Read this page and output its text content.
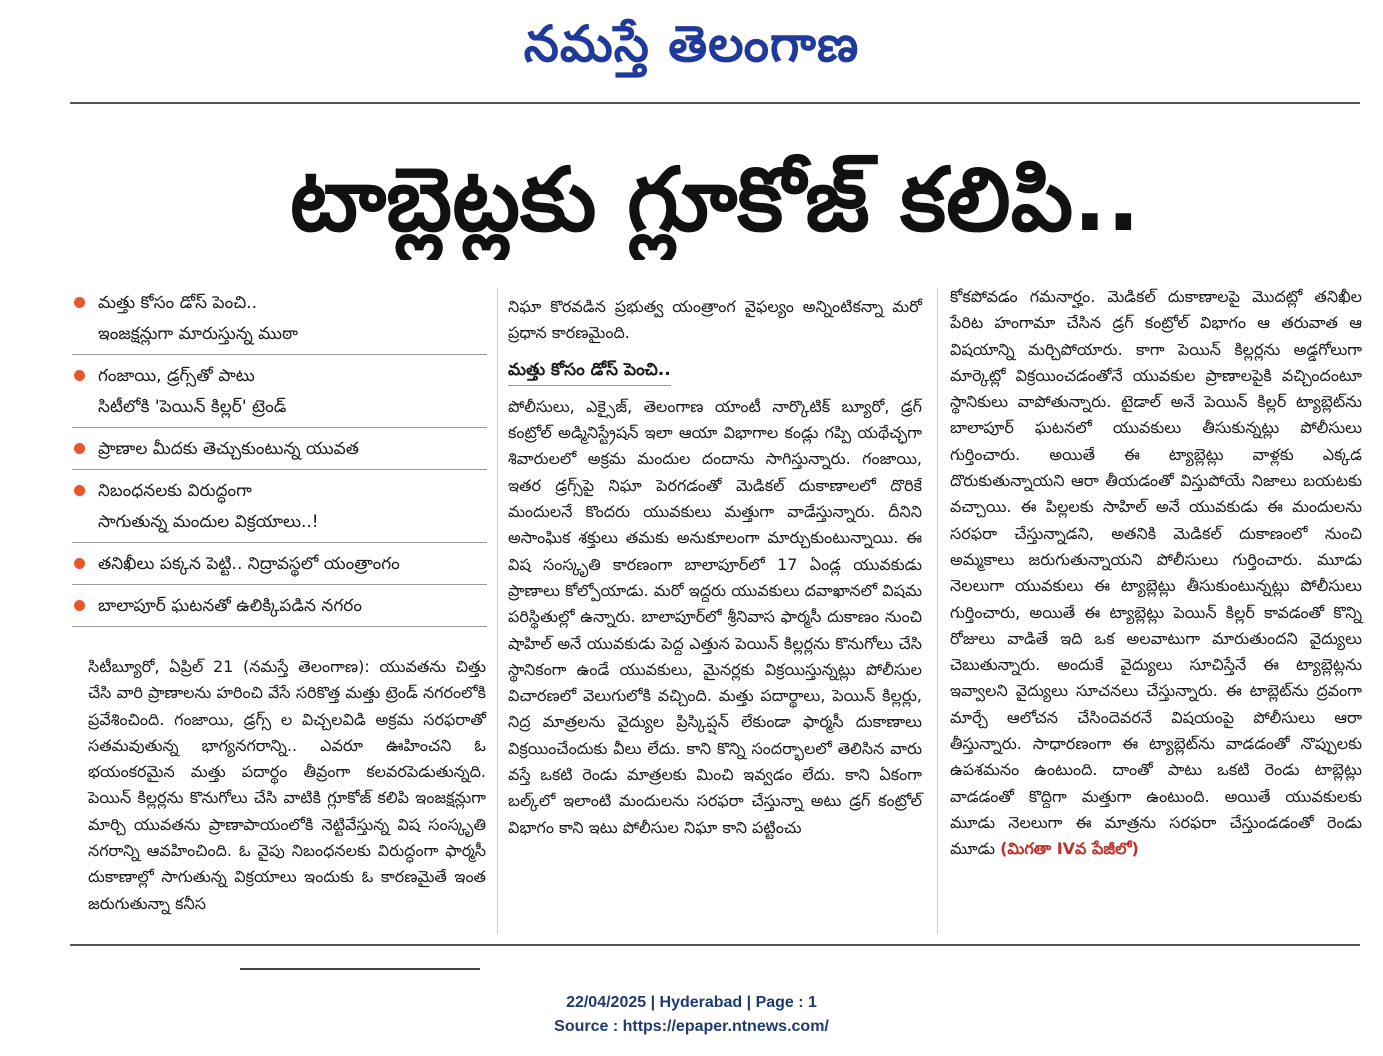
నమస్తే తెలంగాణ
టాబ్లెట్లకు గ్లూకోజ్ కలిపి..
మత్తు కోసం డోస్ పెంచి..
ఇంజక్షన్లుగా మారుస్తున్న ముఠా
గంజాయి, డ్రగ్స్‌తో పాటు
సిటీలోకి 'పెయిన్ కిల్లర్' ట్రెండ్
ప్రాణాల మీదకు తెచ్చుకుంటున్న యువత
నిబంధనలకు విరుద్ధంగా
సాగుతున్న మందుల విక్రయాలు..!
తనిఖీలు పక్కన పెట్టి.. నిద్రావస్థలో యంత్రాంగం
బాలాపూర్ ఘటనతో ఉలిక్కిపడిన నగరం

సిటీబ్యూరో, ఏప్రిల్ 21 (నమస్తే తెలంగాణ): యువతను చిత్తు చేసి వారి ప్రాణాలను హరించి వేసే సరికొత్త మత్తు ట్రెండ్ నగరంలోకి ప్రవేశించింది. గంజాయి, డ్రగ్స్ ల విచ్చలవిడి అక్రమ సరఫరాతో సతమవుతున్న భాగ్యనగరాన్ని.. ఎవరూ ఊహించని ఓ భయంకరమైన మత్తు పదార్థం తీవ్రంగా కలవరపెడుతున్నది. పెయిన్ కిల్లర్లను కొనుగోలు చేసి వాటికి గ్లూకోజ్ కలిపి ఇంజక్షన్లుగా మార్చి యువతను ప్రాణాపాయంలోకి నెట్టివేస్తున్న విష సంస్కృతి నగరాన్ని ఆవహించింది. ఓ వైపు నిబంధనలకు విరుద్ధంగా ఫార్మసీ దుకాణాల్లో సాగుతున్న విక్రయాలు ఇందుకు ఓ కారణమైతే ఇంత జరుగుతున్నా కనీస

నిఘా కొరవడిన ప్రభుత్వ యంత్రాంగ వైఫల్యం అన్నింటికన్నా మరో ప్రధాన కారణమైంది.

మత్తు కోసం డోస్ పెంచి..

పోలీసులు, ఎక్సైజ్, తెలంగాణ యాంటీ నార్కొటిక్ బ్యూరో, డ్రగ్ కంట్రోల్ అడ్మినిస్ట్రేషన్ ఇలా ఆయా విభాగాల కండ్లు గప్పి యథేచ్ఛగా శివారులలో అక్రమ మందుల దందాను సాగిస్తున్నారు. గంజాయి, ఇతర డ్రగ్స్‌పై నిఘా పెరగడంతో మెడికల్ దుకాణాలలో దొరికే మందులనే కొందరు యువకులు మత్తుగా వాడేస్తున్నారు. దీనిని అసాంఘిక శక్తులు తమకు అనుకూలంగా మార్చుకుంటున్నాయి. ఈ విష సంస్కృతి కారణంగా బాలాపూర్‌లో 17 ఏండ్ల యువకుడు ప్రాణాలు కోల్పోయాడు. మరో ఇద్దరు యువకులు దవాఖానలో విషమ పరిస్థితుల్లో ఉన్నారు. బాలాపూర్‌లో శ్రీనివాస ఫార్మసీ దుకాణం నుంచి షాహిల్ అనే యువకుడు పెద్ద ఎత్తున పెయిన్ కిల్లర్లను కొనుగోలు చేసి స్థానికంగా ఉండే యువకులు, మైనర్లకు విక్రయిస్తున్నట్లు పోలీసుల విచారణలో వెలుగులోకి వచ్చింది. మత్తు పదార్థాలు, పెయిన్ కిల్లర్లు, నిద్ర మాత్రలను వైద్యుల ప్రిస్కిప్షన్ లేకుండా ఫార్మసీ దుకాణాలు విక్రయించేందుకు వీలు లేదు. కాని కొన్ని సందర్భాలలో తెలిసిన వారు వస్తే ఒకటి రెండు మాత్రలకు మించి ఇవ్వడం లేదు. కాని ఏకంగా బల్క్‌లో ఇలాంటి మందులను సరఫరా చేస్తున్నా అటు డ్రగ్ కంట్రోల్ విభాగం కాని ఇటు పోలీసుల నిఘా కాని పట్టించు

కోకపోవడం గమనార్హం. మెడికల్ దుకాణాలపై మొదట్లో తనిఖీల పేరిట హంగామా చేసిన డ్రగ్ కంట్రోల్ విభాగం ఆ తరువాత ఆ విషయాన్ని మర్చిపోయారు. కాగా పెయిన్ కిల్లర్లను అడ్డగోలుగా మార్కెట్లో విక్రయించడంతోనే యువకుల ప్రాణాలపైకి వచ్చిందంటూ స్థానికులు వాపోతున్నారు. టైడాల్ అనే పెయిన్ కిల్లర్ ట్యాబ్లెట్‌ను బాలాపూర్ ఘటనలో యువకులు తీసుకున్నట్లు పోలీసులు గుర్తించారు. అయితే ఈ ట్యాబ్లెట్లు వాళ్లకు ఎక్కడ దొరుకుతున్నాయని ఆరా తీయడంతో విస్తుపోయే నిజాలు బయటకు వచ్చాయి. ఈ పిల్లలకు సాహిల్ అనే యువకుడు ఈ మందులను సరఫరా చేస్తున్నాడని, అతనికి మెడికల్ దుకాణంలో నుంచి అమ్మకాలు జరుగుతున్నాయని పోలీసులు గుర్తించారు. మూడు నెలలుగా యువకులు ఈ ట్యాబ్లెట్లు తీసుకుంటున్నట్లు పోలీసులు గుర్తించారు, అయితే ఈ ట్యాబ్లెట్లు పెయిన్ కిల్లర్ కావడంతో కొన్ని రోజులు వాడితే ఇది ఒక అలవాటుగా మారుతుందని వైద్యులు చెబుతున్నారు. అందుకే వైద్యులు సూచిస్తేనే ఈ ట్యాబ్లెట్లను ఇవ్వాలని వైద్యులు సూచనలు చేస్తున్నారు. ఈ టాబ్లెట్‌ను ద్రవంగా మార్చే ఆలోచన చేసిందెవరనే విషయంపై పోలీసులు ఆరా తీస్తున్నారు. సాధారణంగా ఈ ట్యాబ్లెట్‌ను వాడడంతో నొప్పులకు ఉపశమనం ఉంటుంది. దాంతో పాటు ఒకటి రెండు టాబ్లెట్లు వాడడంతో కొద్దిగా మత్తుగా ఉంటుంది. అయితే యువకులకు మూడు నెలలుగా ఈ మాత్రను సరఫరా చేస్తుండడంతో రెండు మూడు (మిగతా IVవ పేజీలో)

22/04/2025 | Hyderabad | Page : 1
Source : https://epaper.ntnews.com/
